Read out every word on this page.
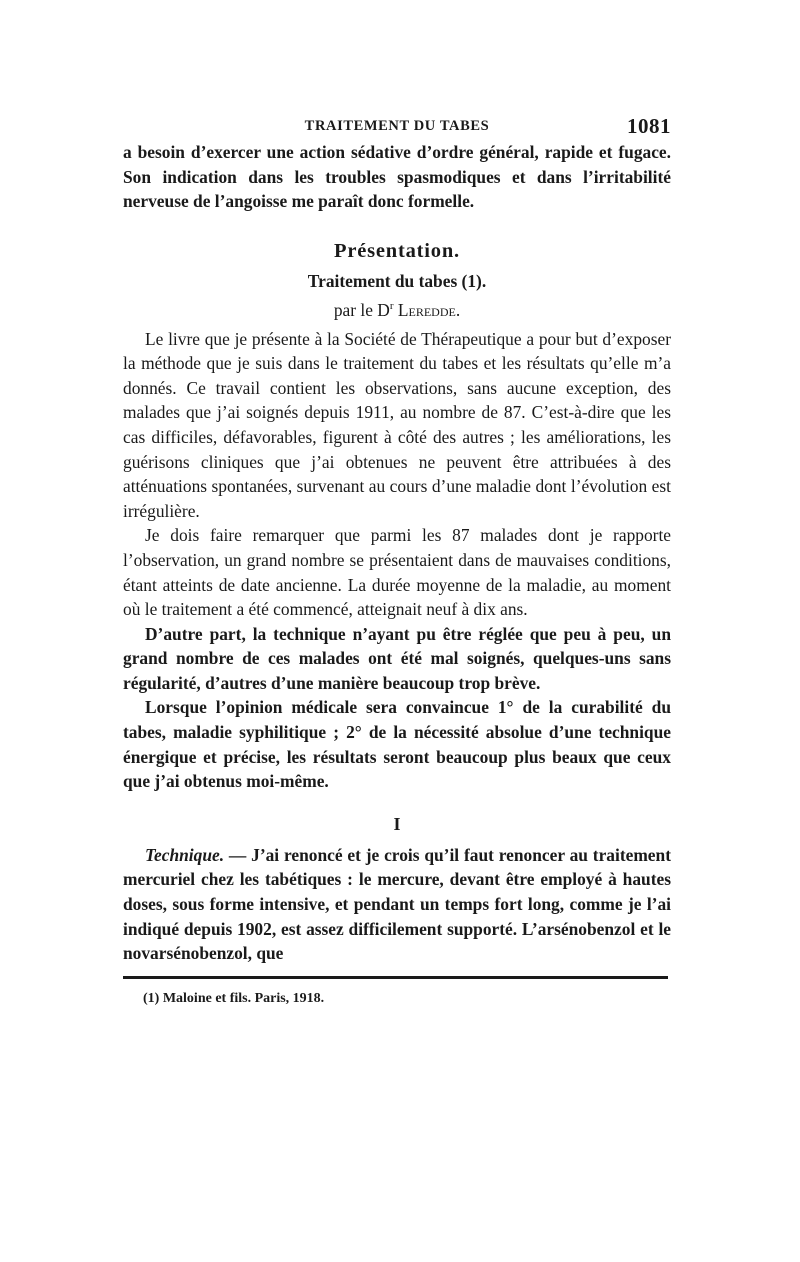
TRAITEMENT DU TABES	1081

a besoin d’exercer une action sédative d’ordre général, rapide et fugace. Son indication dans les troubles spasmodiques et dans l’irritabilité nerveuse de l’angoisse me paraît donc formelle.

Présentation.

Traitement du tabes (1).

par le $D^r$ Leredde.

Le livre que je présente à la Société de Thérapeutique a pour but d’exposer la méthode que je suis dans le traitement du tabes et les résultats qu’elle m’a donnés. Ce travail contient les observations, sans aucune exception, des malades que j’ai soignés depuis 1911, au nombre de 87. C’est-à-dire que les cas difficiles, défavorables, figurent à côté des autres ; les améliorations, les guérisons cliniques que j’ai obtenues ne peuvent être attribuées à des atténuations spontanées, survenant au cours d’une maladie dont l’évolution est irrégulière.

Je dois faire remarquer que parmi les 87 malades dont je rapporte l’observation, un grand nombre se présentaient dans de mauvaises conditions, étant atteints de date ancienne. La durée moyenne de la maladie, au moment où le traitement a été commencé, atteignait neuf à dix ans.

D’autre part, la technique n’ayant pu être réglée que peu à peu, un grand nombre de ces malades ont été mal soignés, quelques-uns sans régularité, d’autres d’une manière beaucoup trop brève.

Lorsque l’opinion médicale sera convaincue 1° de la curabilité du tabes, maladie syphilitique ; 2° de la nécessité absolue d’une technique énergique et précise, les résultats seront beaucoup plus beaux que ceux que j’ai obtenus moi-même.

I

Technique. — J’ai renoncé et je crois qu’il faut renoncer au traitement mercuriel chez les tabétiques : le mercure, devant être employé à hautes doses, sous forme intensive, et pendant un temps fort long, comme je l’ai indiqué depuis 1902, est assez difficilement supporté. L’arsénobenzol et le novarsénobenzol, que

(1) Maloine et fils. Paris, 1918.
